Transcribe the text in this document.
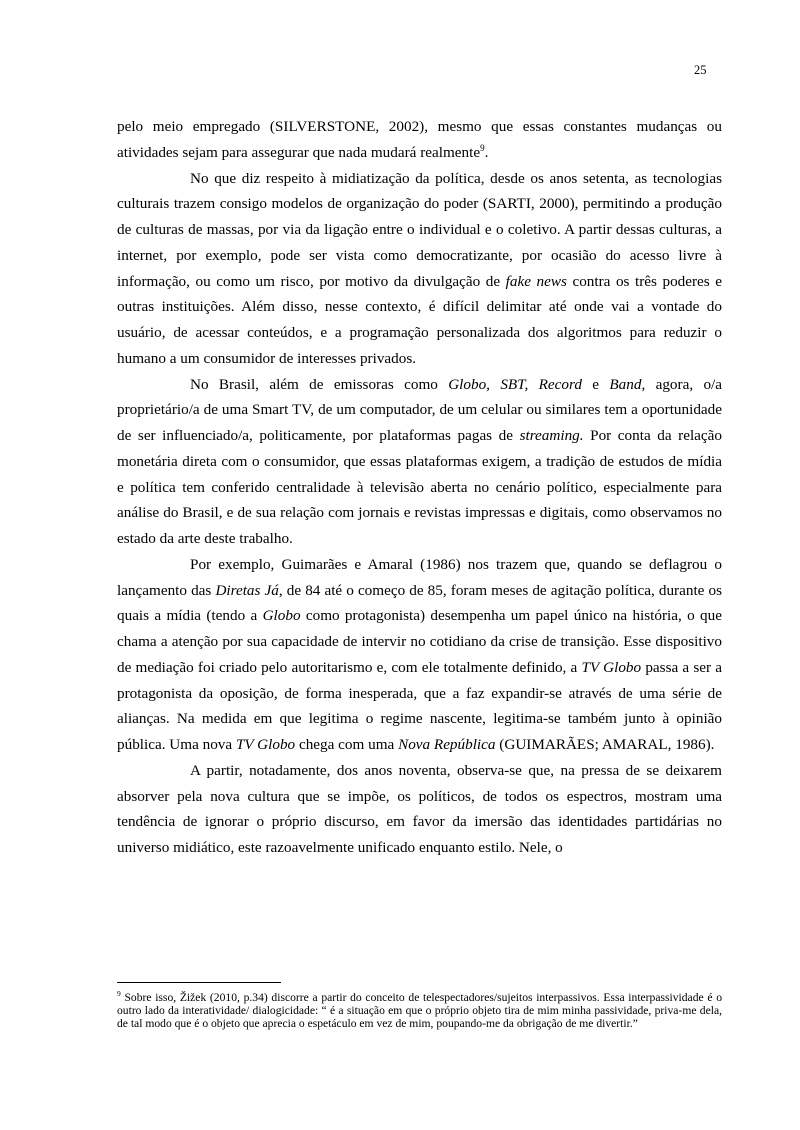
25

pelo meio empregado (SILVERSTONE, 2002), mesmo que essas constantes mudanças ou atividades sejam para assegurar que nada mudará realmente$^9$.

No que diz respeito à midiatização da política, desde os anos setenta, as tecnologias culturais trazem consigo modelos de organização do poder (SARTI, 2000), permitindo a produção de culturas de massas, por via da ligação entre o individual e o coletivo. A partir dessas culturas, a internet, por exemplo, pode ser vista como democratizante, por ocasião do acesso livre à informação, ou como um risco, por motivo da divulgação de fake news contra os três poderes e outras instituições. Além disso, nesse contexto, é difícil delimitar até onde vai a vontade do usuário, de acessar conteúdos, e a programação personalizada dos algoritmos para reduzir o humano a um consumidor de interesses privados.

No Brasil, além de emissoras como Globo, SBT, Record e Band, agora, o/a proprietário/a de uma Smart TV, de um computador, de um celular ou similares tem a oportunidade de ser influenciado/a, politicamente, por plataformas pagas de streaming. Por conta da relação monetária direta com o consumidor, que essas plataformas exigem, a tradição de estudos de mídia e política tem conferido centralidade à televisão aberta no cenário político, especialmente para análise do Brasil, e de sua relação com jornais e revistas impressas e digitais, como observamos no estado da arte deste trabalho.

Por exemplo, Guimarães e Amaral (1986) nos trazem que, quando se deflagrou o lançamento das Diretas Já, de 84 até o começo de 85, foram meses de agitação política, durante os quais a mídia (tendo a Globo como protagonista) desempenha um papel único na história, o que chama a atenção por sua capacidade de intervir no cotidiano da crise de transição. Esse dispositivo de mediação foi criado pelo autoritarismo e, com ele totalmente definido, a TV Globo passa a ser a protagonista da oposição, de forma inesperada, que a faz expandir-se através de uma série de alianças. Na medida em que legitima o regime nascente, legitima-se também junto à opinião pública. Uma nova TV Globo chega com uma Nova República (GUIMARÃES; AMARAL, 1986).

A partir, notadamente, dos anos noventa, observa-se que, na pressa de se deixarem absorver pela nova cultura que se impõe, os políticos, de todos os espectros, mostram uma tendência de ignorar o próprio discurso, em favor da imersão das identidades partidárias no universo midiático, este razoavelmente unificado enquanto estilo. Nele, o

$^9$ Sobre isso, Žižek (2010, p.34) discorre a partir do conceito de telespectadores/sujeitos interpassivos. Essa interpassividade é o outro lado da interatividade/ dialogicidade: “ é a situação em que o próprio objeto tira de mim minha passividade, priva-me dela, de tal modo que é o objeto que aprecia o espetáculo em vez de mim, poupando-me da obrigação de me divertir.”
